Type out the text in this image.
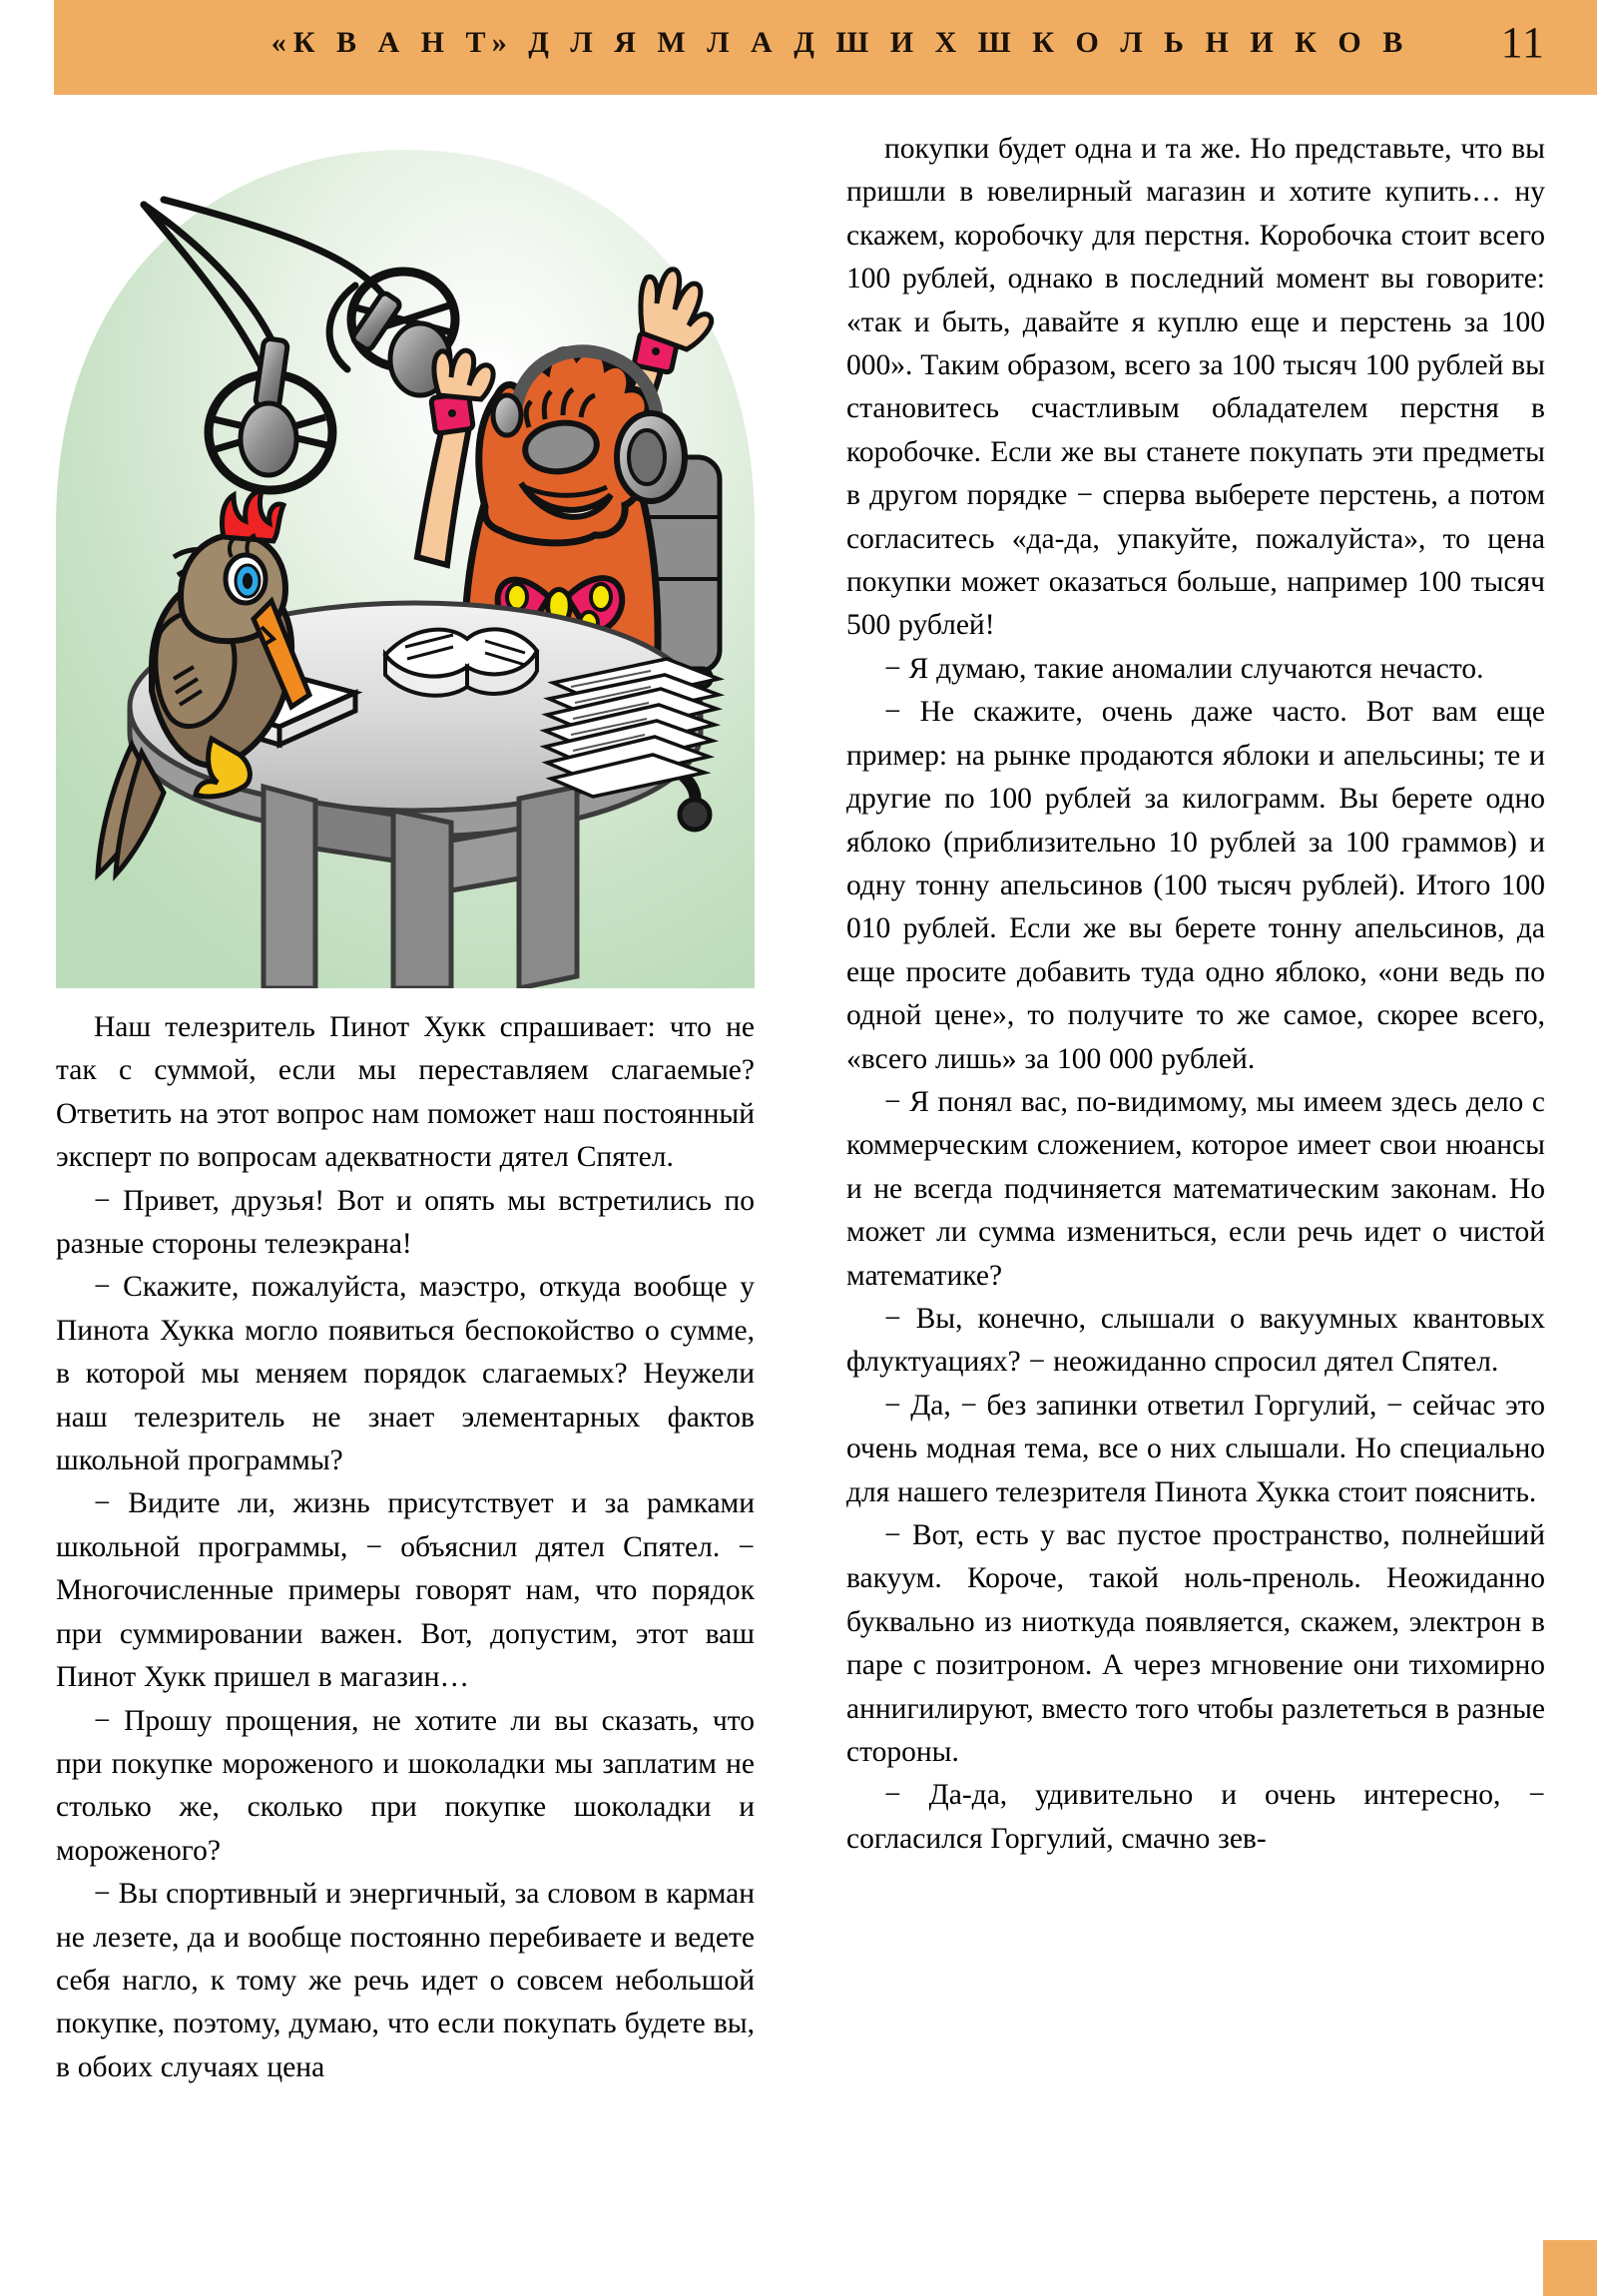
«К В А Н Т» Д Л Я М Л А Д Ш И Х Ш К О Л Ь Н И К О В	11

Наш телезритель Пинот Хукк спрашивает: что не так с суммой, если мы переставляем слагаемые? Ответить на этот вопрос нам поможет наш постоянный эксперт по вопросам адекватности дятел Спятел.

− Привет, друзья! Вот и опять мы встретились по разные стороны телеэкрана!

− Скажите, пожалуйста, маэстро, откуда вообще у Пинота Хукка могло появиться беспокойство о сумме, в которой мы меняем порядок слагаемых? Неужели наш телезритель не знает элементарных фактов школьной программы?

− Видите ли, жизнь присутствует и за рамками школьной программы, − объяснил дятел Спятел. − Многочисленные примеры говорят нам, что порядок при суммировании важен. Вот, допустим, этот ваш Пинот Хукк пришел в магазин…

− Прошу прощения, не хотите ли вы сказать, что при покупке мороженого и шоколадки мы заплатим не столько же, сколько при покупке шоколадки и мороженого?

− Вы спортивный и энергичный, за словом в карман не лезете, да и вообще постоянно перебиваете и ведете себя нагло, к тому же речь идет о совсем небольшой покупке, поэтому, думаю, что если покупать будете вы, в обоих случаях цена

покупки будет одна и та же. Но представьте, что вы пришли в ювелирный магазин и хотите купить… ну скажем, коробочку для перстня. Коробочка стоит всего 100 рублей, однако в последний момент вы говорите: «так и быть, давайте я куплю еще и перстень за 100 000». Таким образом, всего за 100 тысяч 100 рублей вы становитесь счастливым обладателем перстня в коробочке. Если же вы станете покупать эти предметы в другом порядке − сперва выберете перстень, а потом согласитесь «да-да, упакуйте, пожалуйста», то цена покупки может оказаться больше, например 100 тысяч 500 рублей!

− Я думаю, такие аномалии случаются нечасто.

− Не скажите, очень даже часто. Вот вам еще пример: на рынке продаются яблоки и апельсины; те и другие по 100 рублей за килограмм. Вы берете одно яблоко (приблизительно 10 рублей за 100 граммов) и одну тонну апельсинов (100 тысяч рублей). Итого 100 010 рублей. Если же вы берете тонну апельсинов, да еще просите добавить туда одно яблоко, «они ведь по одной цене», то получите то же самое, скорее всего, «всего лишь» за 100 000 рублей.

− Я понял вас, по-видимому, мы имеем здесь дело с коммерческим сложением, которое имеет свои нюансы и не всегда подчиняется математическим законам. Но может ли сумма измениться, если речь идет о чистой математике?

− Вы, конечно, слышали о вакуумных квантовых флуктуациях? − неожиданно спросил дятел Спятел.

− Да, − без запинки ответил Горгулий, − сейчас это очень модная тема, все о них слышали. Но специально для нашего телезрителя Пинота Хукка стоит пояснить.

− Вот, есть у вас пустое пространство, полнейший вакуум. Короче, такой ноль-преноль. Неожиданно буквально из ниоткуда появляется, скажем, электрон в паре с позитроном. А через мгновение они тихомирно аннигилируют, вместо того чтобы разлететься в разные стороны.

− Да-да, удивительно и очень интересно, − согласился Горгулий, смачно зев-
